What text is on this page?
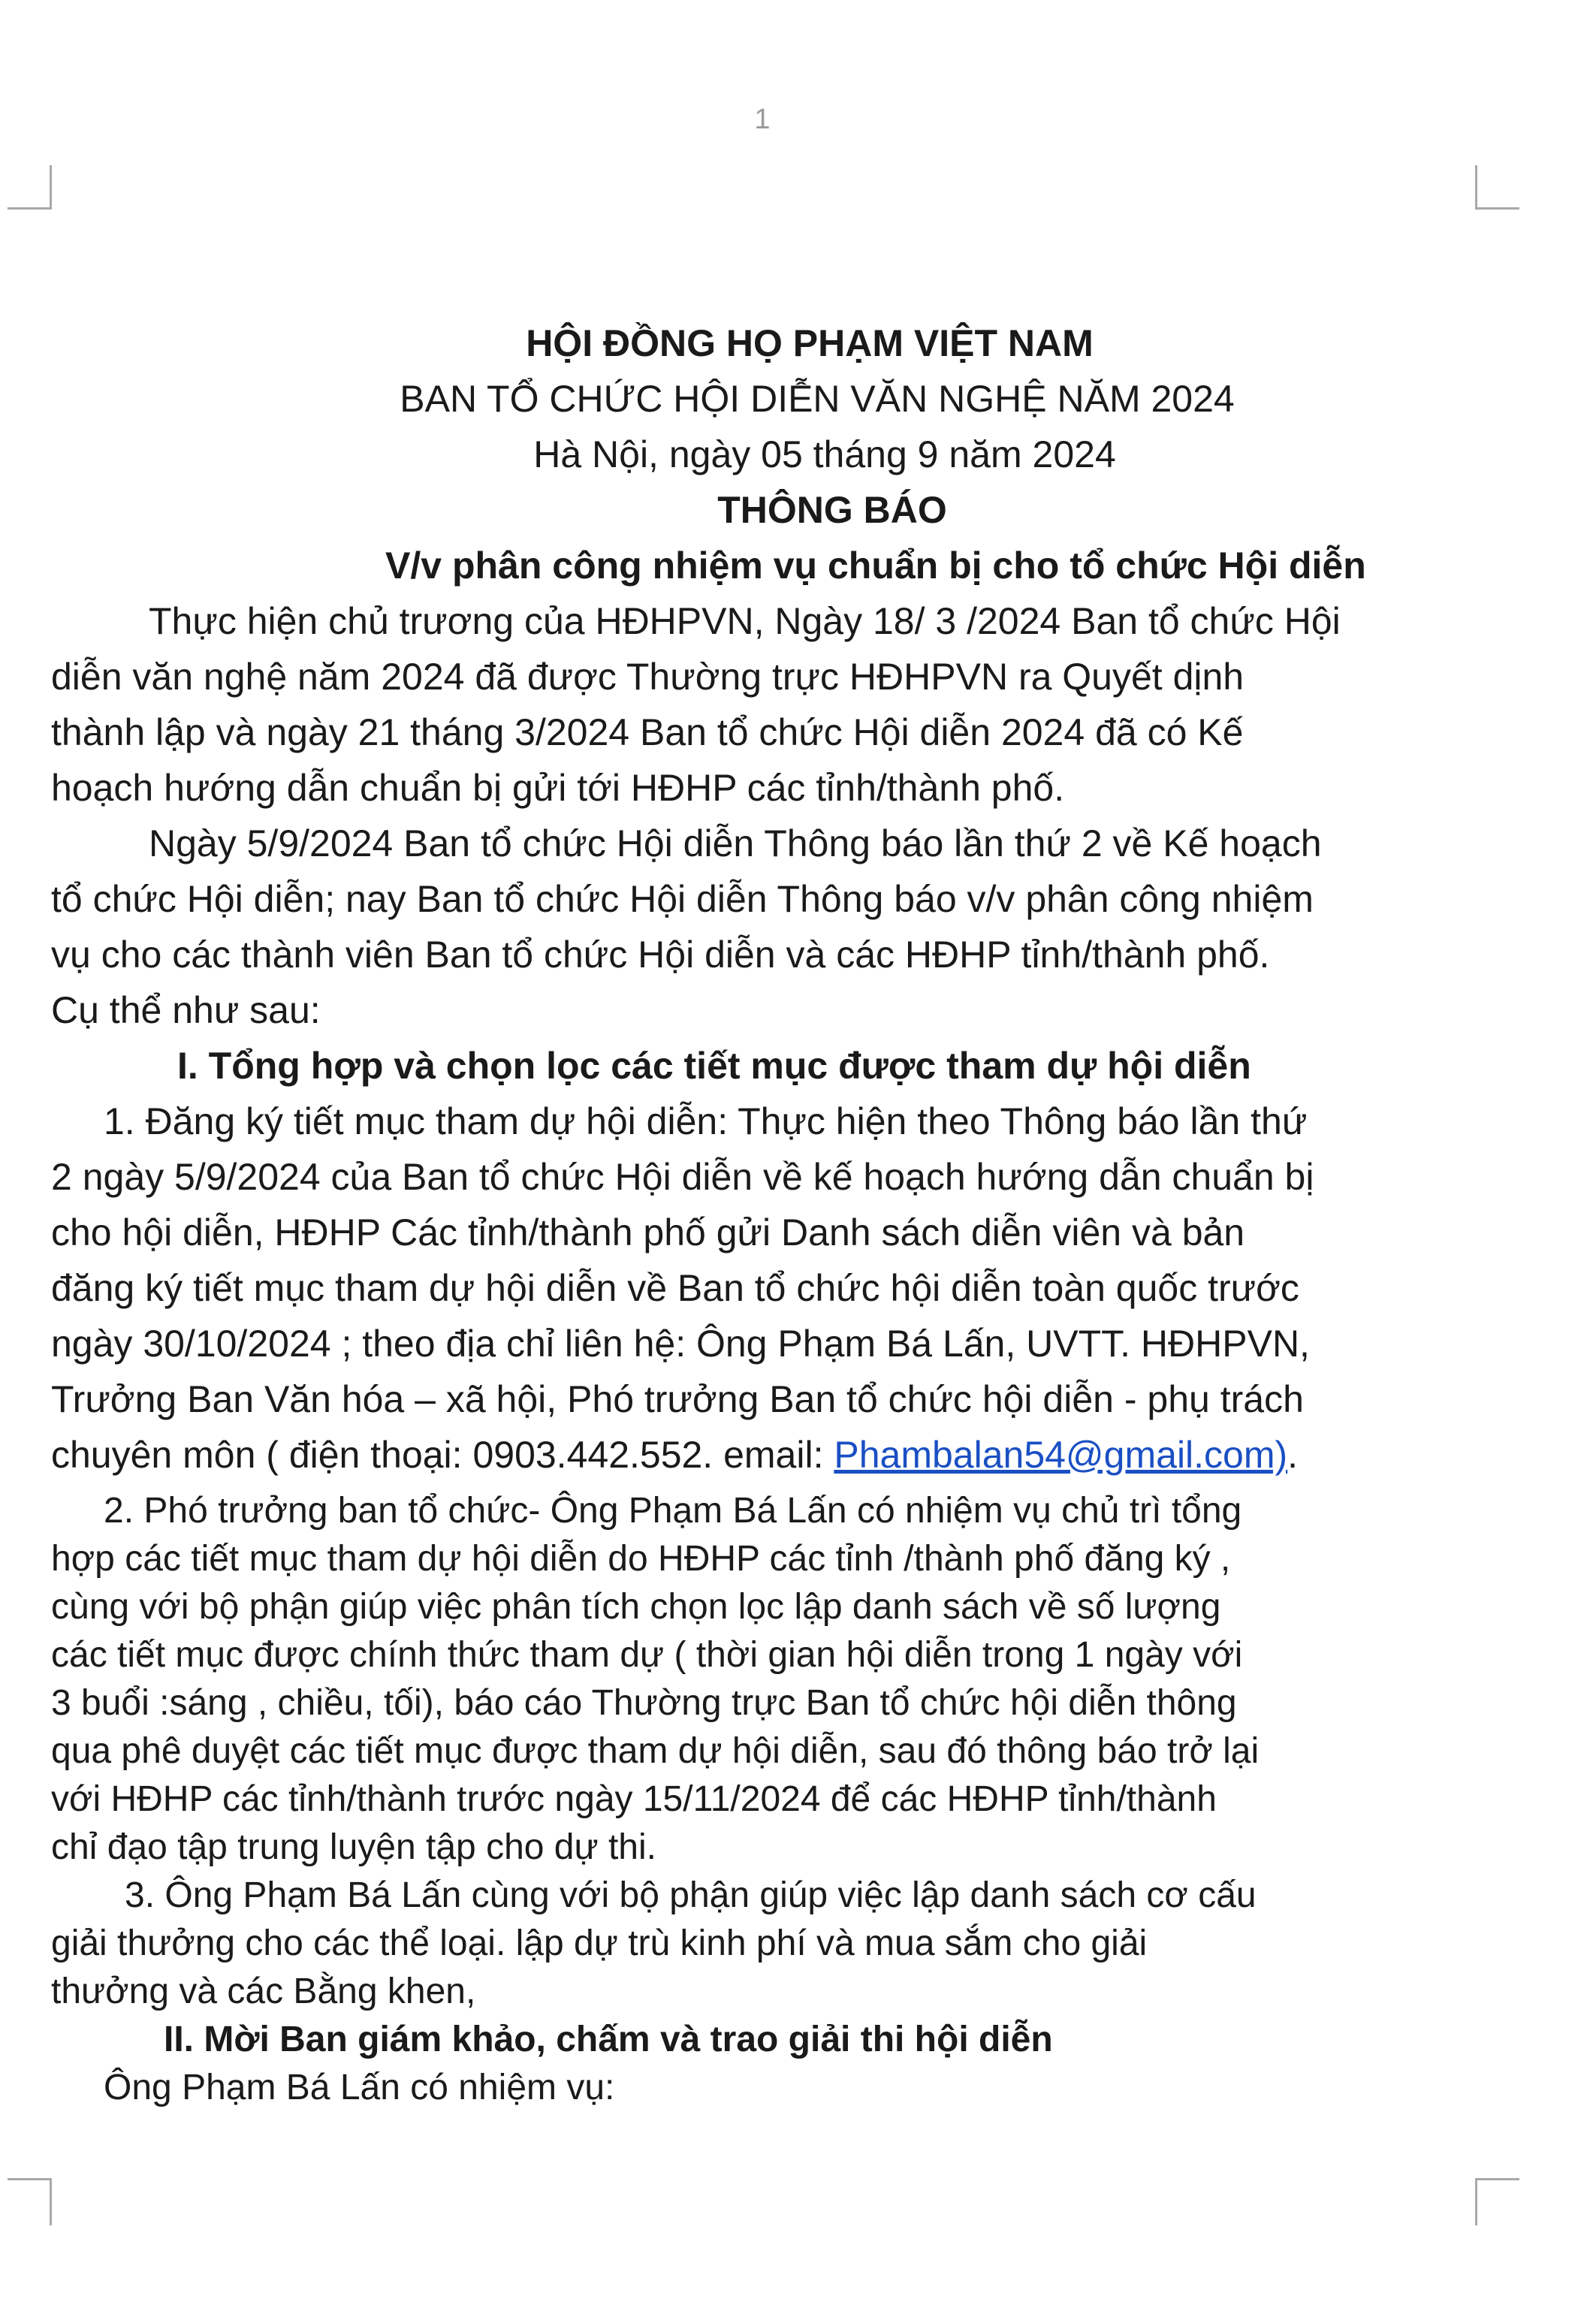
1
HỘI ĐỒNG HỌ PHẠM VIỆT NAM
BAN TỔ CHỨC HỘI DIỄN VĂN NGHỆ NĂM 2024
Hà Nội, ngày 05 tháng 9 năm 2024
THÔNG BÁO
V/v phân công nhiệm vụ chuẩn bị cho tổ chức Hội diễn
Thực hiện chủ trương của HĐHPVN, Ngày 18/ 3 /2024 Ban tổ chức Hội
diễn văn nghệ năm 2024 đã được Thường trực HĐHPVN ra Quyết dịnh
thành lập và ngày 21 tháng 3/2024 Ban tổ chức Hội diễn 2024 đã có Kế
hoạch hướng dẫn chuẩn bị gửi tới HĐHP các tỉnh/thành phố.
Ngày 5/9/2024 Ban tổ chức Hội diễn Thông báo lần thứ 2 về Kế hoạch
tổ chức Hội diễn; nay Ban tổ chức Hội diễn Thông báo v/v phân công nhiệm
vụ cho các thành viên Ban tổ chức Hội diễn và các HĐHP tỉnh/thành phố.
Cụ thể như sau:
I. Tổng hợp và chọn lọc các tiết mục được tham dự hội diễn
1. Đăng ký tiết mục tham dự hội diễn: Thực hiện theo Thông báo lần thứ
2 ngày 5/9/2024 của Ban tổ chức Hội diễn về kế hoạch hướng dẫn chuẩn bị
cho hội diễn, HĐHP Các tỉnh/thành phố gửi Danh sách diễn viên và bản
đăng ký tiết mục tham dự hội diễn về Ban tổ chức hội diễn toàn quốc trước
ngày 30/10/2024 ; theo địa chỉ liên hệ: Ông Phạm Bá Lấn, UVTT. HĐHPVN,
Trưởng Ban Văn hóa – xã hội, Phó trưởng Ban tổ chức hội diễn - phụ trách
chuyên môn ( điện thoại: 0903.442.552. email: Phambalan54@gmail.com).
2. Phó trưởng ban tổ chức- Ông Phạm Bá Lấn có nhiệm vụ chủ trì tổng
hợp các tiết mục tham dự hội diễn do HĐHP các tỉnh /thành phố đăng ký ,
cùng với bộ phận giúp việc phân tích chọn lọc lập danh sách về số lượng
các tiết mục được chính thức tham dự ( thời gian hội diễn trong 1 ngày với
3 buổi :sáng , chiều, tối), báo cáo Thường trực Ban tổ chức hội diễn thông
qua phê duyệt các tiết mục được tham dự hội diễn, sau đó thông báo trở lại
với HĐHP các tỉnh/thành trước ngày 15/11/2024 để các HĐHP tỉnh/thành
chỉ đạo tập trung luyện tập cho dự thi.
3. Ông Phạm Bá Lấn cùng với bộ phận giúp việc lập danh sách cơ cấu
giải thưởng cho các thể loại. lập dự trù kinh phí và mua sắm cho giải
thưởng và các Bằng khen,
II. Mời Ban giám khảo, chấm và trao giải thi hội diễn
Ông Phạm Bá Lấn có nhiệm vụ:
